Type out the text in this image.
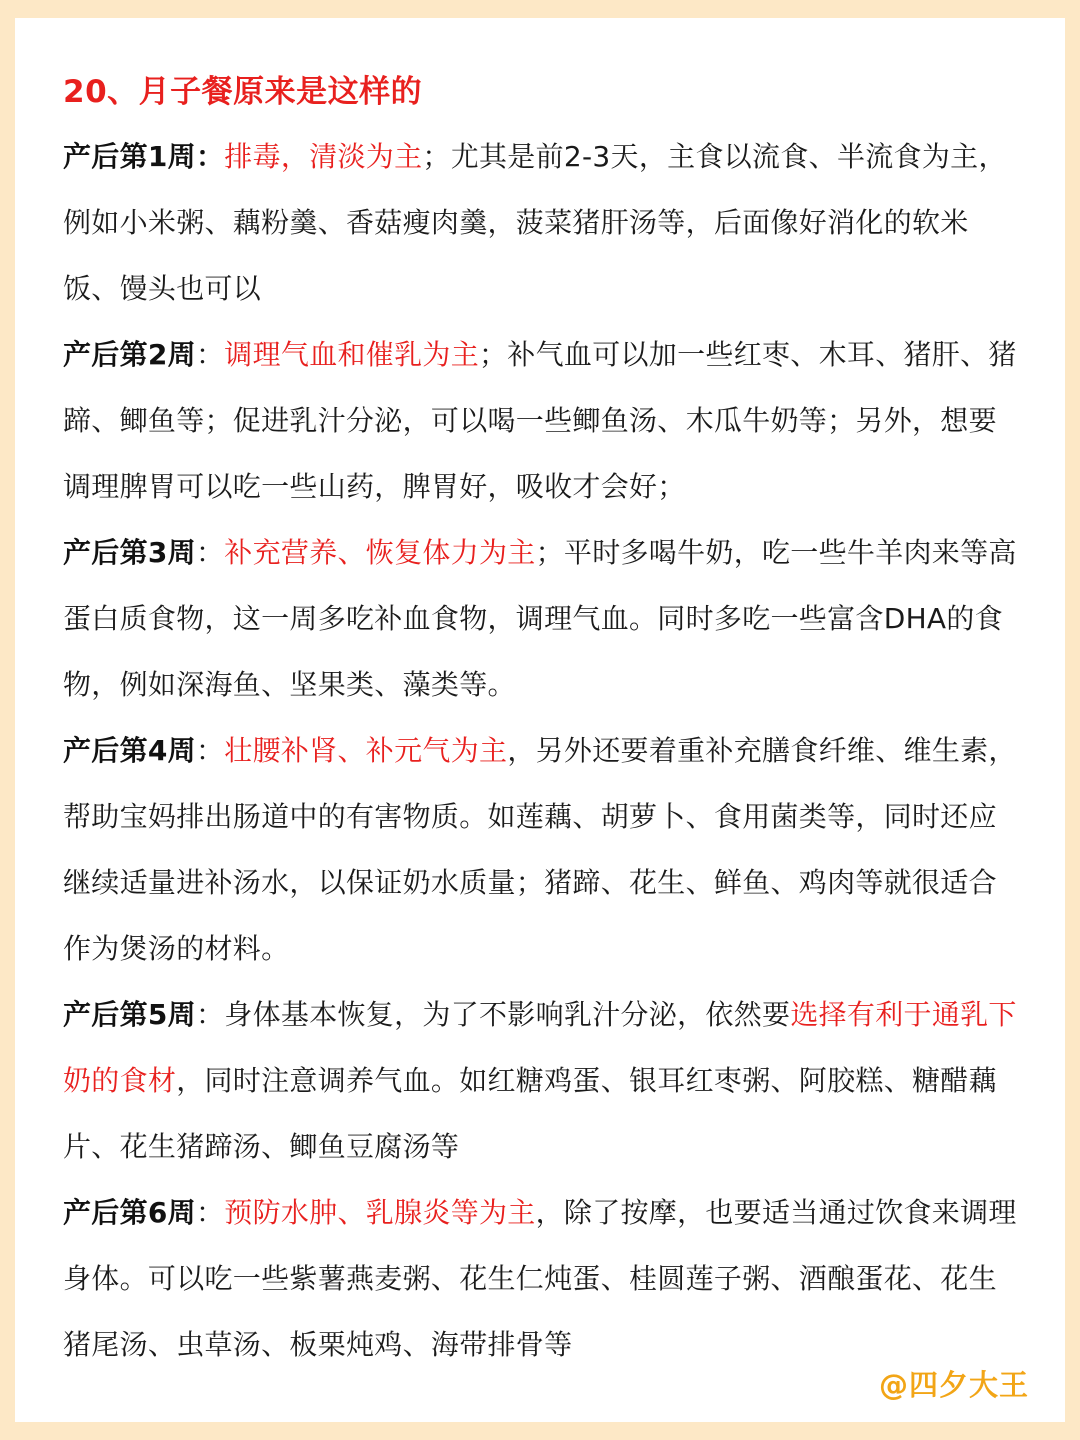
20、月子餐原来是这样的

产后第1周：排毒，清淡为主；尤其是前2-3天，主食以流食、半流食为主，例如小米粥、藕粉羹、香菇瘦肉羹，菠菜猪肝汤等，后面像好消化的软米饭、馒头也可以

产后第2周：调理气血和催乳为主；补气血可以加一些红枣、木耳、猪肝、猪蹄、鲫鱼等；促进乳汁分泌，可以喝一些鲫鱼汤、木瓜牛奶等；另外，想要调理脾胃可以吃一些山药，脾胃好，吸收才会好；

产后第3周：补充营养、恢复体力为主；平时多喝牛奶，吃一些牛羊肉来等高蛋白质食物，这一周多吃补血食物，调理气血。同时多吃一些富含DHA的食物，例如深海鱼、坚果类、藻类等。

产后第4周：壮腰补肾、补元气为主，另外还要着重补充膳食纤维、维生素，帮助宝妈排出肠道中的有害物质。如莲藕、胡萝卜、食用菌类等，同时还应继续适量进补汤水，以保证奶水质量；猪蹄、花生、鲜鱼、鸡肉等就很适合作为煲汤的材料。

产后第5周：身体基本恢复，为了不影响乳汁分泌，依然要选择有利于通乳下奶的食材，同时注意调养气血。如红糖鸡蛋、银耳红枣粥、阿胶糕、糖醋藕片、花生猪蹄汤、鲫鱼豆腐汤等

产后第6周：预防水肿、乳腺炎等为主，除了按摩，也要适当通过饮食来调理身体。可以吃一些紫薯燕麦粥、花生仁炖蛋、桂圆莲子粥、酒酿蛋花、花生猪尾汤、虫草汤、板栗炖鸡、海带排骨等

@四夕大王
